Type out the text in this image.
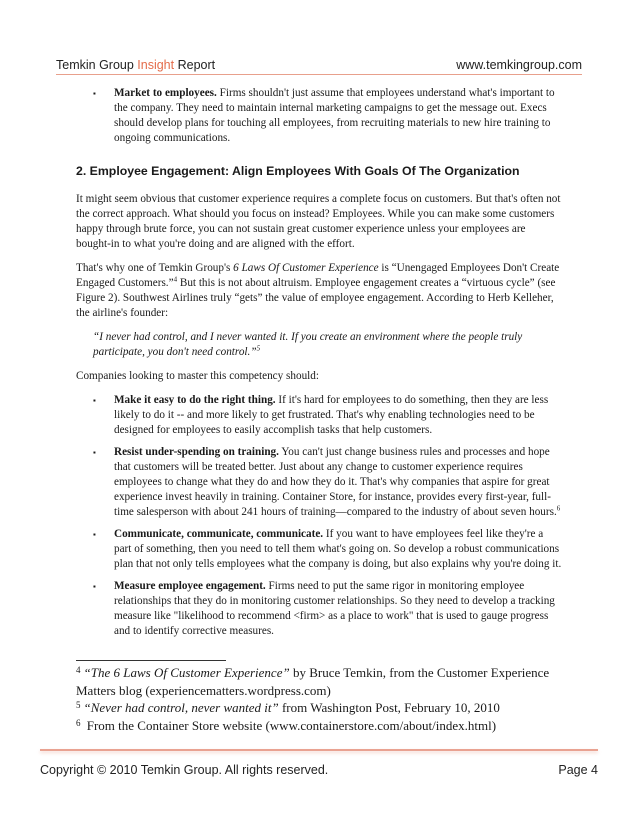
Temkin Group Insight Report	www.temkingroup.com
▪ Market to employees. Firms shouldn't just assume that employees understand what's important to the company. They need to maintain internal marketing campaigns to get the message out. Execs should develop plans for touching all employees, from recruiting materials to new hire training to ongoing communications.
2. Employee Engagement: Align Employees With Goals Of The Organization

It might seem obvious that customer experience requires a complete focus on customers. But that's often not the correct approach. What should you focus on instead? Employees. While you can make some customers happy through brute force, you can not sustain great customer experience unless your employees are bought-in to what you're doing and are aligned with the effort.

That's why one of Temkin Group's 6 Laws Of Customer Experience is “Unengaged Employees Don't Create Engaged Customers.”$^4$ But this is not about altruism. Employee engagement creates a “virtuous cycle” (see Figure 2). Southwest Airlines truly “gets” the value of employee engagement. According to Herb Kelleher, the airline's founder:

“I never had control, and I never wanted it. If you create an environment where the people truly participate, you don't need control.”$^5$

Companies looking to master this competency should:

▪ Make it easy to do the right thing. If it's hard for employees to do something, then they are less likely to do it -- and more likely to get frustrated. That's why enabling technologies need to be designed for employees to easily accomplish tasks that help customers.
▪ Resist under-spending on training. You can't just change business rules and processes and hope that customers will be treated better. Just about any change to customer experience requires employees to change what they do and how they do it. That's why companies that aspire for great experience invest heavily in training. Container Store, for instance, provides every first-year, full-time salesperson with about 241 hours of training—compared to the industry of about seven hours.$^6$
▪ Communicate, communicate, communicate. If you want to have employees feel like they're a part of something, then you need to tell them what's going on. So develop a robust communications plan that not only tells employees what the company is doing, but also explains why you're doing it.
▪ Measure employee engagement. Firms need to put the same rigor in monitoring employee relationships that they do in monitoring customer relationships. So they need to develop a tracking measure like "likelihood to recommend <firm> as a place to work" that is used to gauge progress and to identify corrective measures.

$^4$ “The 6 Laws Of Customer Experience” by Bruce Temkin, from the Customer Experience Matters blog (experiencematters.wordpress.com)

$^5$ “Never had control, never wanted it” from Washington Post, February 10, 2010

$^6$ From the Container Store website (www.containerstore.com/about/index.html)

Copyright © 2010 Temkin Group. All rights reserved.	Page 4
